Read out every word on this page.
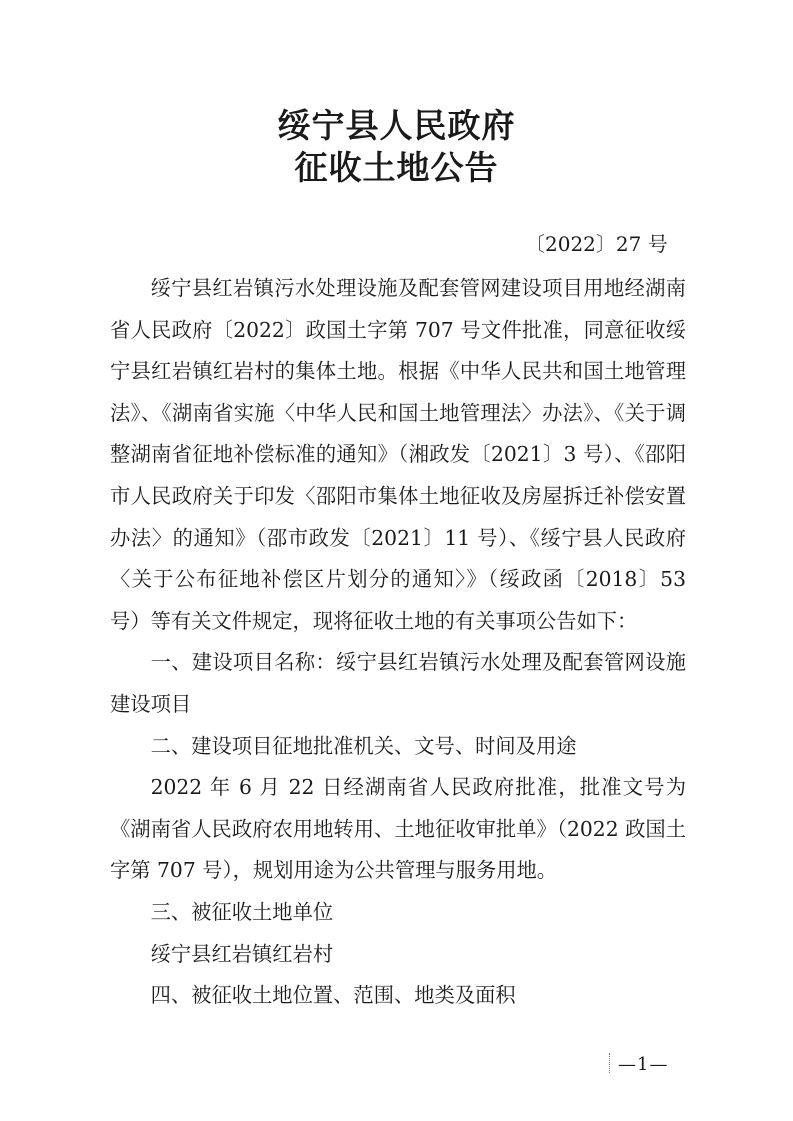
绥宁县人民政府
征收土地公告
〔2022〕27 号

绥宁县红岩镇污水处理设施及配套管网建设项目用地经湖南省人民政府〔2022〕政国土字第 707 号文件批准，同意征收绥宁县红岩镇红岩村的集体土地。根据《中华人民共和国土地管理法》、《湖南省实施〈中华人民和国土地管理法〉办法》、《关于调整湖南省征地补偿标准的通知》（湘政发〔2021〕3 号）、《邵阳市人民政府关于印发〈邵阳市集体土地征收及房屋拆迁补偿安置办法〉的通知》（邵市政发〔2021〕11 号）、《绥宁县人民政府〈关于公布征地补偿区片划分的通知〉》（绥政函〔2018〕53 号）等有关文件规定，现将征收土地的有关事项公告如下：

一、建设项目名称：绥宁县红岩镇污水处理及配套管网设施建设项目

二、建设项目征地批准机关、文号、时间及用途

2022 年 6 月 22 日经湖南省人民政府批准，批准文号为《湖南省人民政府农用地转用、土地征收审批单》（2022 政国土字第 707 号），规划用途为公共管理与服务用地。

三、被征收土地单位

绥宁县红岩镇红岩村

四、被征收土地位置、范围、地类及面积

—1—
